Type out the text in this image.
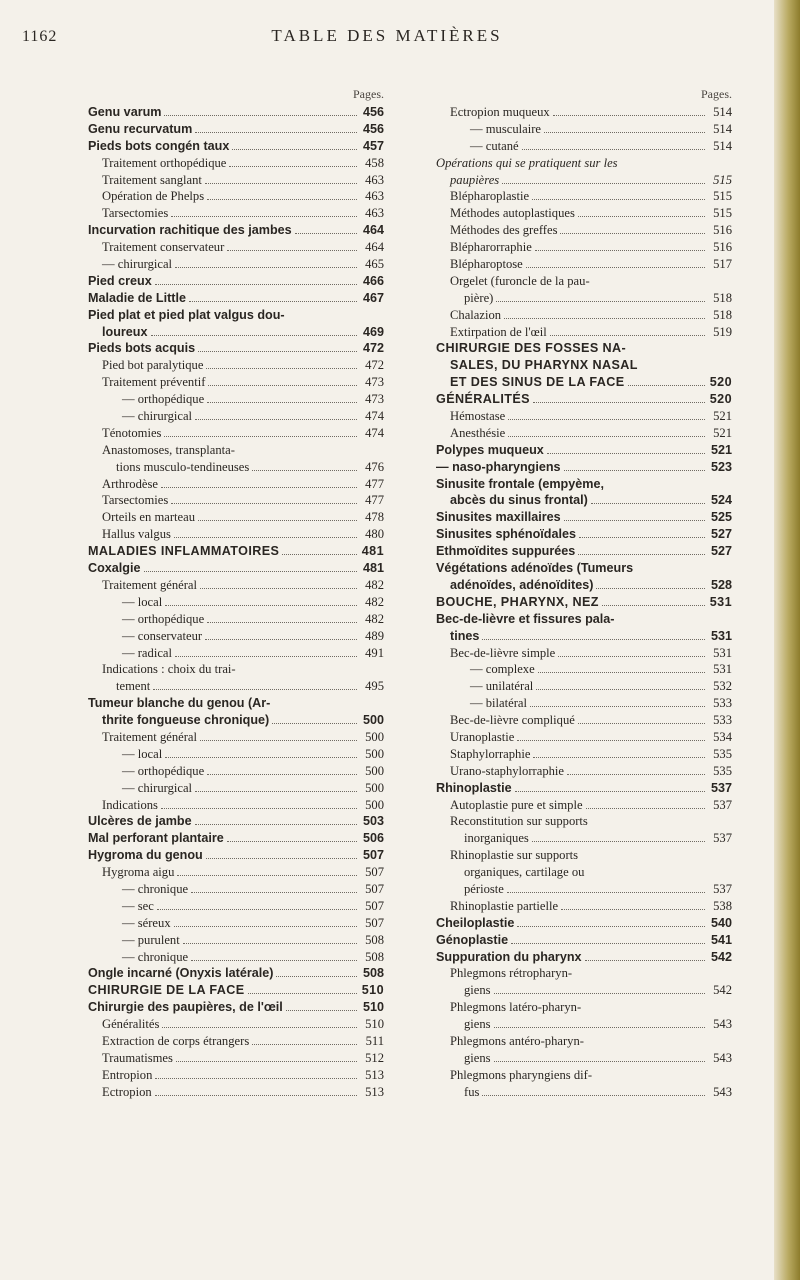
1162	TABLE DES MATIÈRES
Pages.
Genu varum	456
Genu recurvatum	456
Pieds bots congén taux	457
Traitement orthopédique	458
Traitement sanglant	463
Opération de Phelps	463
Tarsectomies	463
Incurvation rachitique des jambes	464
Traitement conservateur	464
— chirurgical	465
Pied creux	466
Maladie de Little	467
Pied plat et pied plat valgus dou-
loureux	469
Pieds bots acquis	472
Pied bot paralytique	472
Traitement préventif	473
— orthopédique	473
— chirurgical	474
Ténotomies	474
Anastomoses, transplanta-
tions musculo-tendineuses	476
Arthrodèse	477
Tarsectomies	477
Orteils en marteau	478
Hallus valgus	480
MALADIES INFLAMMATOIRES	481
Coxalgie	481
Traitement général	482
— local	482
— orthopédique	482
— conservateur	489
— radical	491
Indications : choix du trai-
tement	495
Tumeur blanche du genou (Ar-
thrite fongueuse chronique)	500
Traitement général	500
— local	500
— orthopédique	500
— chirurgical	500
Indications	500
Ulcères de jambe	503
Mal perforant plantaire	506
Hygroma du genou	507
Hygroma aigu	507
— chronique	507
— sec	507
— séreux	507
— purulent	508
— chronique	508
Ongle incarné (Onyxis latérale)	508
CHIRURGIE DE LA FACE	510
Chirurgie des paupières, de l'œil	510
Généralités	510
Extraction de corps étrangers	511
Traumatismes	512
Entropion	513
Ectropion	513
Pages.
Ectropion muqueux	514
— musculaire	514
— cutané	514
Opérations qui se pratiquent sur les
paupières	515
Blépharoplastie	515
Méthodes autoplastiques	515
Méthodes des greffes	516
Blépharorraphie	516
Blépharoptose	517
Orgelet (furoncle de la pau-
pière)	518
Chalazion	518
Extirpation de l'œil	519
CHIRURGIE DES FOSSES NA-
SALES, DU PHARYNX NASAL
ET DES SINUS DE LA FACE	520
GÉNÉRALITÉS	520
Hémostase	521
Anesthésie	521
Polypes muqueux	521
— naso-pharyngiens	523
Sinusite frontale (empyème,
abcès du sinus frontal)	524
Sinusites maxillaires	525
Sinusites sphénoïdales	527
Ethmoïdites suppurées	527
Végétations adénoïdes (Tumeurs
adénoïdes, adénoïdites)	528
BOUCHE, PHARYNX, NEZ	531
Bec-de-lièvre et fissures pala-
tines	531
Bec-de-lièvre simple	531
— complexe	531
— unilatéral	532
— bilatéral	533
Bec-de-lièvre compliqué	533
Uranoplastie	534
Staphylorraphie	535
Urano-staphylorraphie	535
Rhinoplastie	537
Autoplastie pure et simple	537
Reconstitution sur supports
inorganiques	537
Rhinoplastie sur supports
organiques, cartilage ou
périoste	537
Rhinoplastie partielle	538
Cheiloplastie	540
Génoplastie	541
Suppuration du pharynx	542
Phlegmons rétropharyn-
giens	542
Phlegmons latéro-pharyn-
giens	543
Phlegmons antéro-pharyn-
giens	543
Phlegmons pharyngiens dif-
fus	543
